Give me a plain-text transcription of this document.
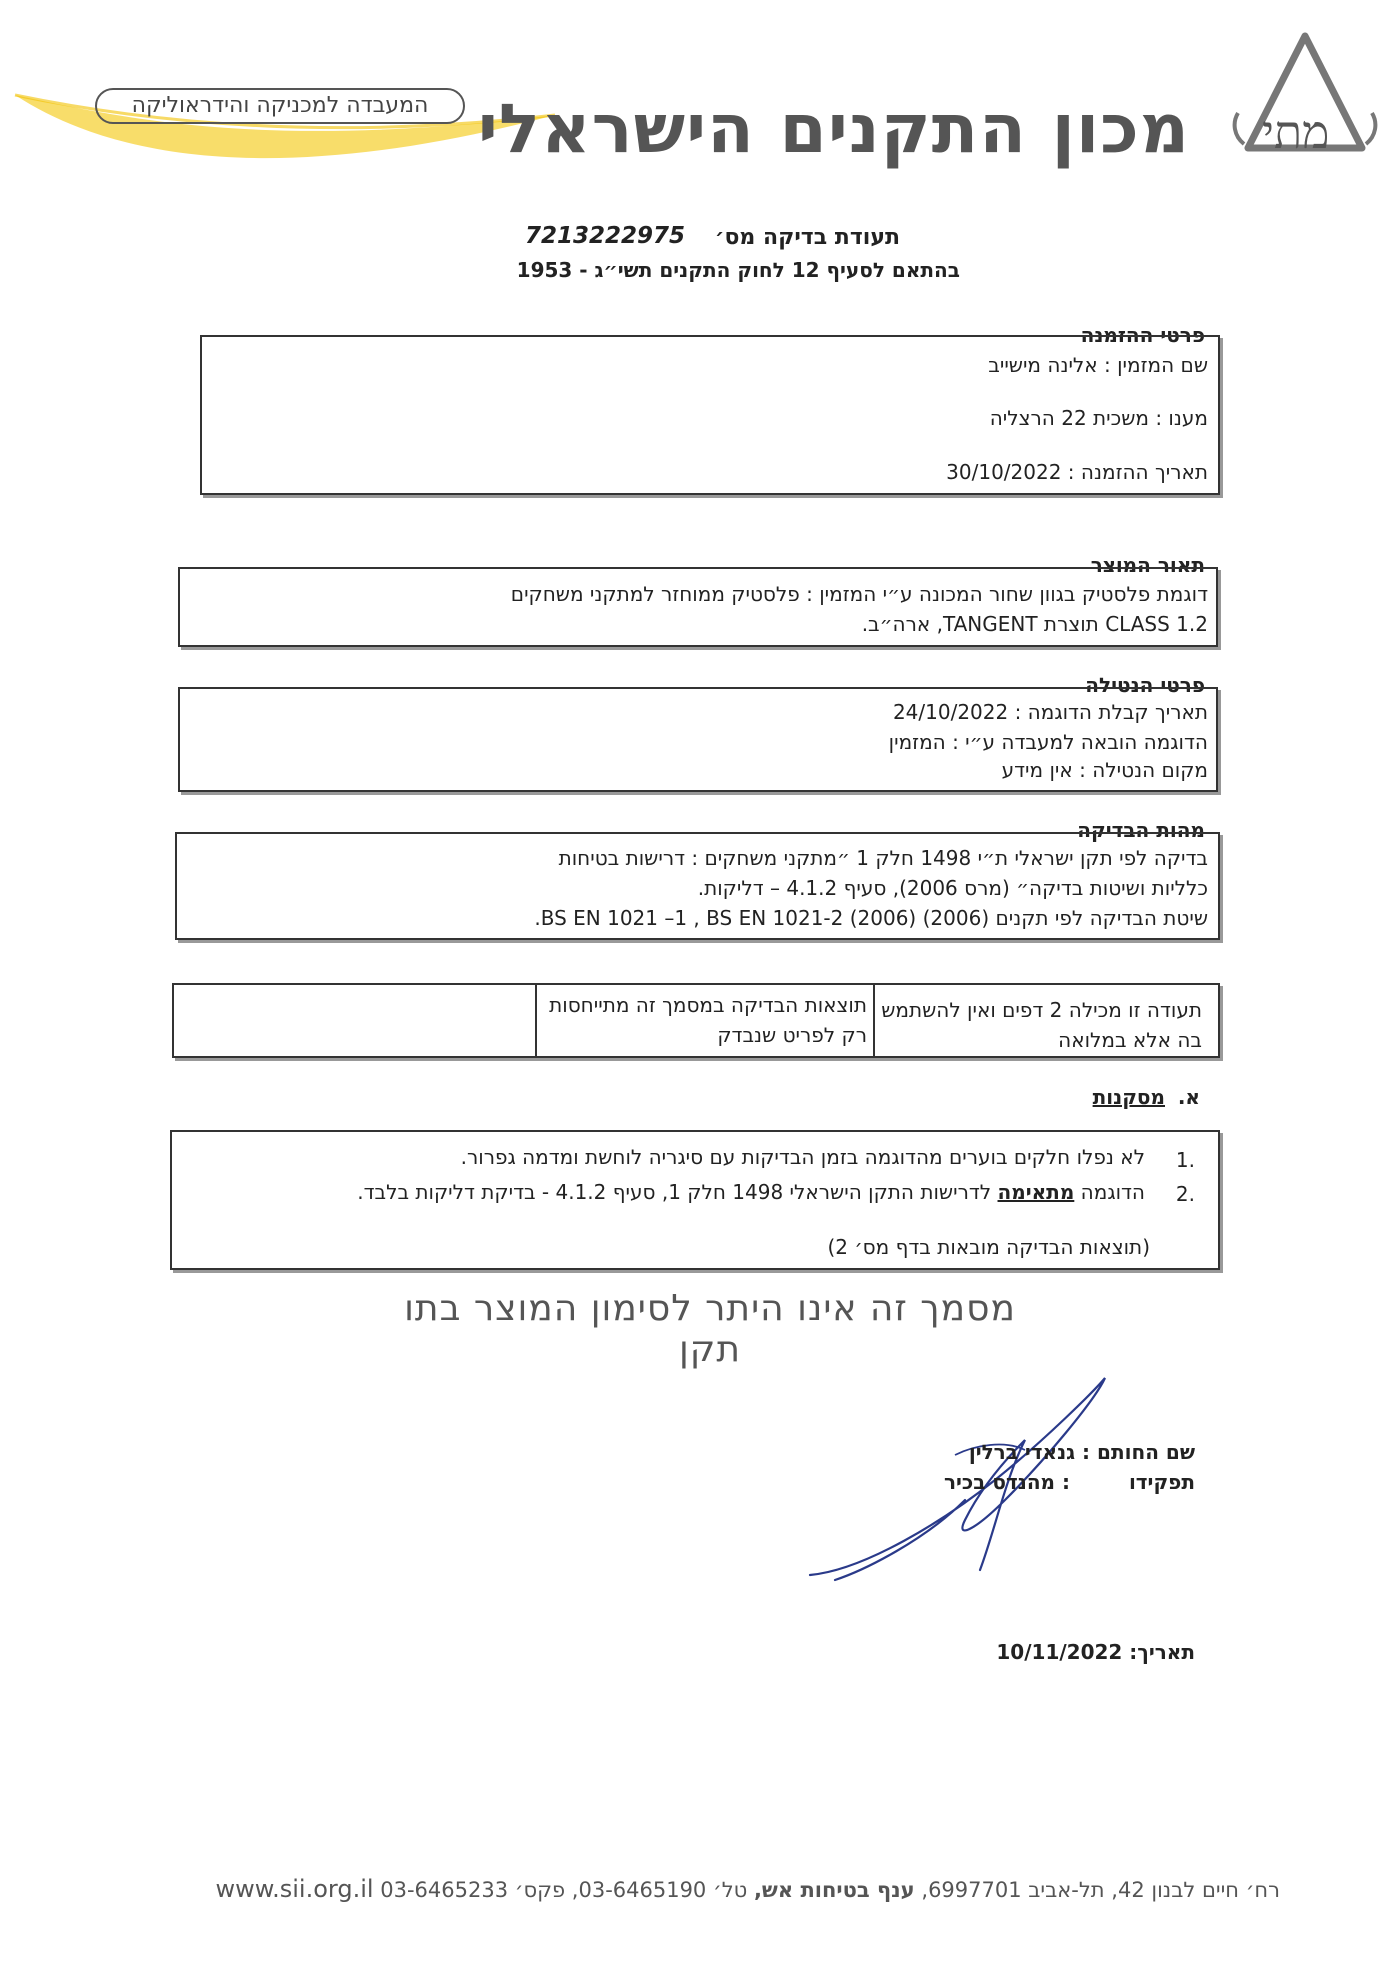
המעבדה למכניקה והידראוליקה	מתי
מכון התקנים הישראלי
תעודת בדיקה מס׳
7213222975
בהתאם לסעיף 12 לחוק התקנים תשי״ג - 1953
פרטי ההזמנה
שם המזמין : אלינה מישייב
מענו : משכית 22 הרצליה
תאריך ההזמנה : 30/10/2022
תאור המוצר
דוגמת פלסטיק בגוון שחור המכונה ע״י המזמין : פלסטיק ממוחזר למתקני משחקים
CLASS 1.2 תוצרת TANGENT, ארה״ב.
פרטי הנטילה
תאריך קבלת הדוגמה : 24/10/2022
הדוגמה הובאה למעבדה ע״י : המזמין
מקום הנטילה : אין מידע
מהות הבדיקה
בדיקה לפי תקן ישראלי ת״י 1498 חלק 1 ״מתקני משחקים : דרישות בטיחות
כלליות ושיטות בדיקה״ (מרס 2006), סעיף 4.1.2 – דליקות.
שיטת הבדיקה לפי תקנים (2006) BS EN 1021 –1 , BS EN 1021-2 (2006).
תעודה זו מכילה 2 דפים ואין להשתמש בה אלא במלואה
תוצאות הבדיקה במסמך זה מתייחסות רק לפריט שנבדק
א.
מסקנות
.1
לא נפלו חלקים בוערים מהדוגמה בזמן הבדיקות עם סיגריה לוחשת ומדמה גפרור.
.2
הדוגמה מתאימה לדרישות התקן הישראלי 1498 חלק 1, סעיף 4.1.2 - בדיקת דליקות בלבד.
(תוצאות הבדיקה מובאות בדף מס׳ 2)
מסמך זה אינו היתר לסימון המוצר בתו תקן
שם החותם : גנאדי ברלין
תפקידו
: מהנדס בכיר
תאריך: 10/11/2022
רח׳ חיים לבנון 42, תל-אביב 6997701, ענף בטיחות אש, טל׳ 03-6465190, פקס׳ 03-6465233 www.sii.org.il
